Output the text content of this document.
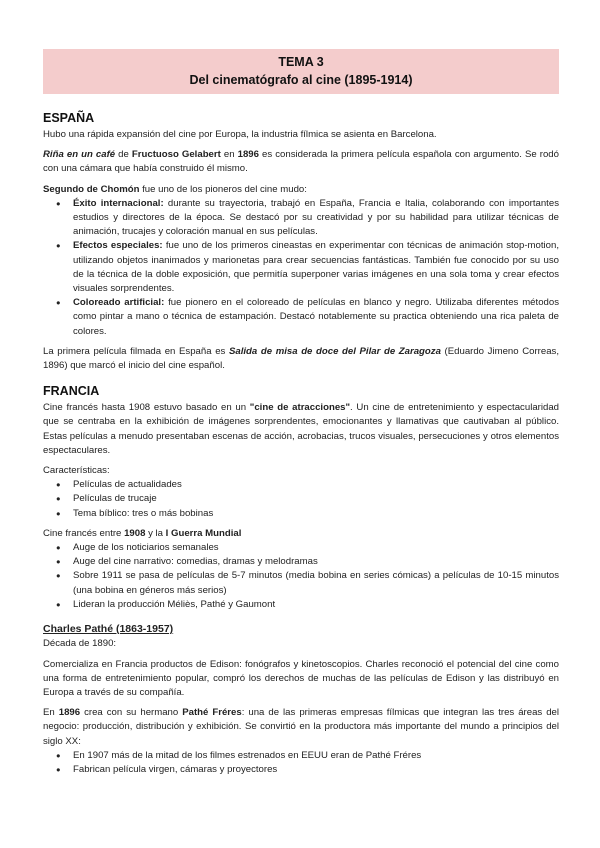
TEMA 3
Del cinematógrafo al cine (1895-1914)
ESPAÑA

Hubo una rápida expansión del cine por Europa, la industria fílmica se asienta en Barcelona.

Riña en un café de Fructuoso Gelabert en 1896 es considerada la primera película española con argumento. Se rodó con una cámara que había construido él mismo.

Segundo de Chomón fue uno de los pioneros del cine mudo:

● Éxito internacional: durante su trayectoria, trabajó en España, Francia e Italia, colaborando con importantes estudios y directores de la época. Se destacó por su creatividad y por su habilidad para utilizar técnicas de animación, trucajes y coloración manual en sus películas.
● Efectos especiales: fue uno de los primeros cineastas en experimentar con técnicas de animación stop-motion, utilizando objetos inanimados y marionetas para crear secuencias fantásticas. También fue conocido por su uso de la técnica de la doble exposición, que permitía superponer varias imágenes en una sola toma y crear efectos visuales sorprendentes.
● Coloreado artificial: fue pionero en el coloreado de películas en blanco y negro. Utilizaba diferentes métodos como pintar a mano o técnica de estampación. Destacó notablemente su practica obteniendo una rica paleta de colores.

La primera película filmada en España es Salida de misa de doce del Pilar de Zaragoza (Eduardo Jimeno Correas, 1896) que marcó el inicio del cine español.

FRANCIA

Cine francés hasta 1908 estuvo basado en un "cine de atracciones". Un cine de entretenimiento y espectacularidad que se centraba en la exhibición de imágenes sorprendentes, emocionantes y llamativas que cautivaban al público. Estas películas a menudo presentaban escenas de acción, acrobacias, trucos visuales, persecuciones y otros elementos espectaculares.

Características:

● Películas de actualidades
● Películas de trucaje
● Tema bíblico: tres o más bobinas

Cine francés entre 1908 y la I Guerra Mundial

● Auge de los noticiarios semanales
● Auge del cine narrativo: comedias, dramas y melodramas
● Sobre 1911 se pasa de películas de 5-7 minutos (media bobina en series cómicas) a películas de 10-15 minutos (una bobina en géneros más serios)
● Lideran la producción Méliès, Pathé y Gaumont

Charles Pathé (1863-1957)

Década de 1890:

Comercializa en Francia productos de Edison: fonógrafos y kinetoscopios. Charles reconoció el potencial del cine como una forma de entretenimiento popular, compró los derechos de muchas de las películas de Edison y las distribuyó en Europa a través de su compañía.

En 1896 crea con su hermano Pathé Fréres: una de las primeras empresas fílmicas que integran las tres áreas del negocio: producción, distribución y exhibición. Se convirtió en la productora más importante del mundo a principios del siglo XX:

● En 1907 más de la mitad de los filmes estrenados en EEUU eran de Pathé Fréres
● Fabrican película virgen, cámaras y proyectores
